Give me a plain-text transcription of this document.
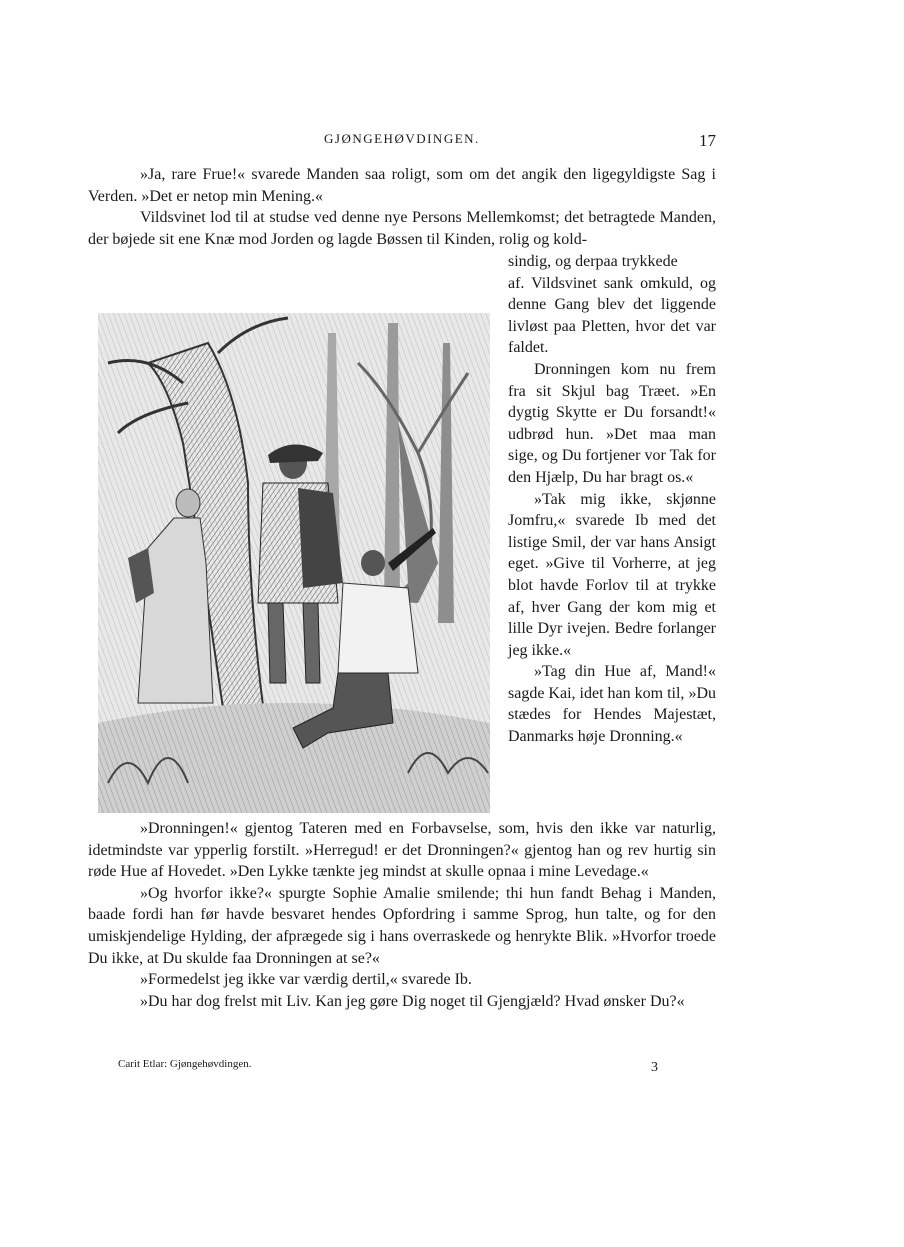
GJØNGEHØVDINGEN.	17

»Ja, rare Frue!« svarede Manden saa roligt, som om det angik den ligegyldigste Sag i Verden. »Det er netop min Mening.«

Vildsvinet lod til at studse ved denne nye Persons Mellemkomst; det betragtede Manden, der bøjede sit ene Knæ mod Jorden og lagde Bøssen til Kinden, rolig og kold-

sindig, og derpaa trykkede

af. Vildsvinet sank omkuld, og denne Gang blev det liggende livløst paa Pletten, hvor det var faldet.

Dronningen kom nu frem fra sit Skjul bag Træet. »En dygtig Skytte er Du forsandt!« udbrød hun. »Det maa man sige, og Du fortjener vor Tak for den Hjælp, Du har bragt os.«

»Tak mig ikke, skjønne Jomfru,« svarede Ib med det listige Smil, der var hans Ansigt eget. »Give til Vorherre, at jeg blot havde Forlov til at trykke af, hver Gang der kom mig et lille Dyr ivejen. Bedre forlanger jeg ikke.«

»Tag din Hue af, Mand!« sagde Kai, idet han kom til, »Du stædes for Hendes Majestæt, Danmarks høje Dronning.«

»Dronningen!« gjentog Tateren med en Forbavselse, som, hvis den ikke var naturlig, idetmindste var ypperlig forstilt. »Herregud! er det Dronningen?« gjentog han og rev hurtig sin røde Hue af Hovedet. »Den Lykke tænkte jeg mindst at skulle opnaa i mine Levedage.«

»Og hvorfor ikke?« spurgte Sophie Amalie smilende; thi hun fandt Behag i Manden, baade fordi han før havde besvaret hendes Opfordring i samme Sprog, hun talte, og for den umiskjendelige Hylding, der afprægede sig i hans overraskede og henrykte Blik. »Hvorfor troede Du ikke, at Du skulde faa Dronningen at se?«

»Formedelst jeg ikke var værdig dertil,« svarede Ib.

»Du har dog frelst mit Liv. Kan jeg gøre Dig noget til Gjengjæld? Hvad ønsker Du?«

Carit Etlar: Gjøngehøvdingen.	3
